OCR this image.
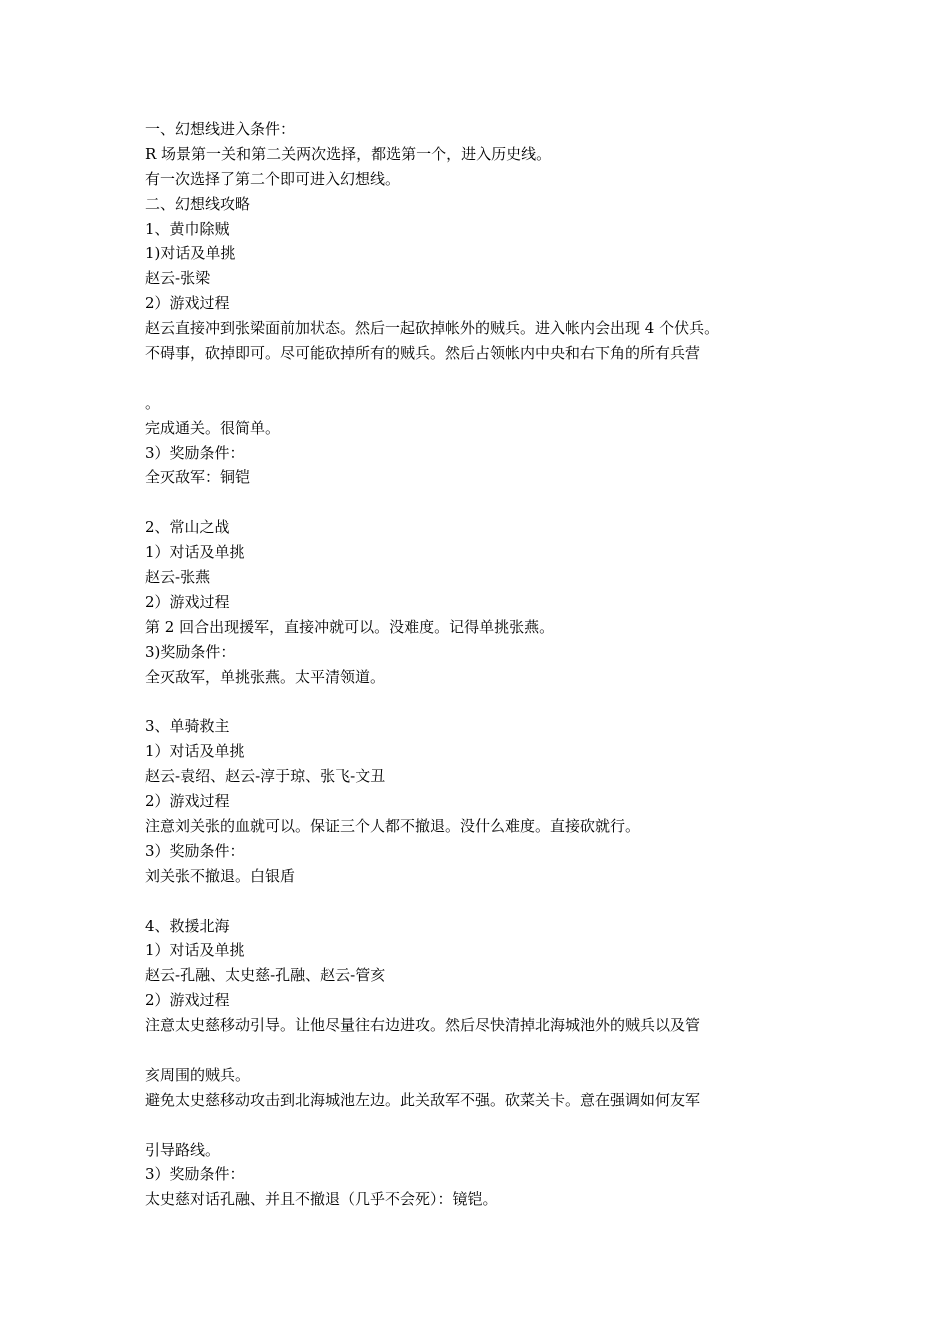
一、幻想线进入条件：
R 场景第一关和第二关两次选择，都选第一个，进入历史线。
有一次选择了第二个即可进入幻想线。
二、幻想线攻略
1、黄巾除贼
1)对话及单挑
赵云-张梁
2）游戏过程
赵云直接冲到张梁面前加状态。然后一起砍掉帐外的贼兵。进入帐内会出现 4 个伏兵。
不碍事，砍掉即可。尽可能砍掉所有的贼兵。然后占领帐内中央和右下角的所有兵营
。
完成通关。很简单。
3）奖励条件：
全灭敌军：铜铠
2、常山之战
1）对话及单挑
赵云-张燕
2）游戏过程
第 2 回合出现援军，直接冲就可以。没难度。记得单挑张燕。
3)奖励条件：
全灭敌军，单挑张燕。太平清领道。
3、单骑救主
1）对话及单挑
赵云-袁绍、赵云-淳于琼、张飞-文丑
2）游戏过程
注意刘关张的血就可以。保证三个人都不撤退。没什么难度。直接砍就行。
3）奖励条件：
刘关张不撤退。白银盾
4、救援北海
1）对话及单挑
赵云-孔融、太史慈-孔融、赵云-管亥
2）游戏过程
注意太史慈移动引导。让他尽量往右边进攻。然后尽快清掉北海城池外的贼兵以及管
亥周围的贼兵。
避免太史慈移动攻击到北海城池左边。此关敌军不强。砍菜关卡。意在强调如何友军
引导路线。
3）奖励条件：
太史慈对话孔融、并且不撤退（几乎不会死）：镜铠。
